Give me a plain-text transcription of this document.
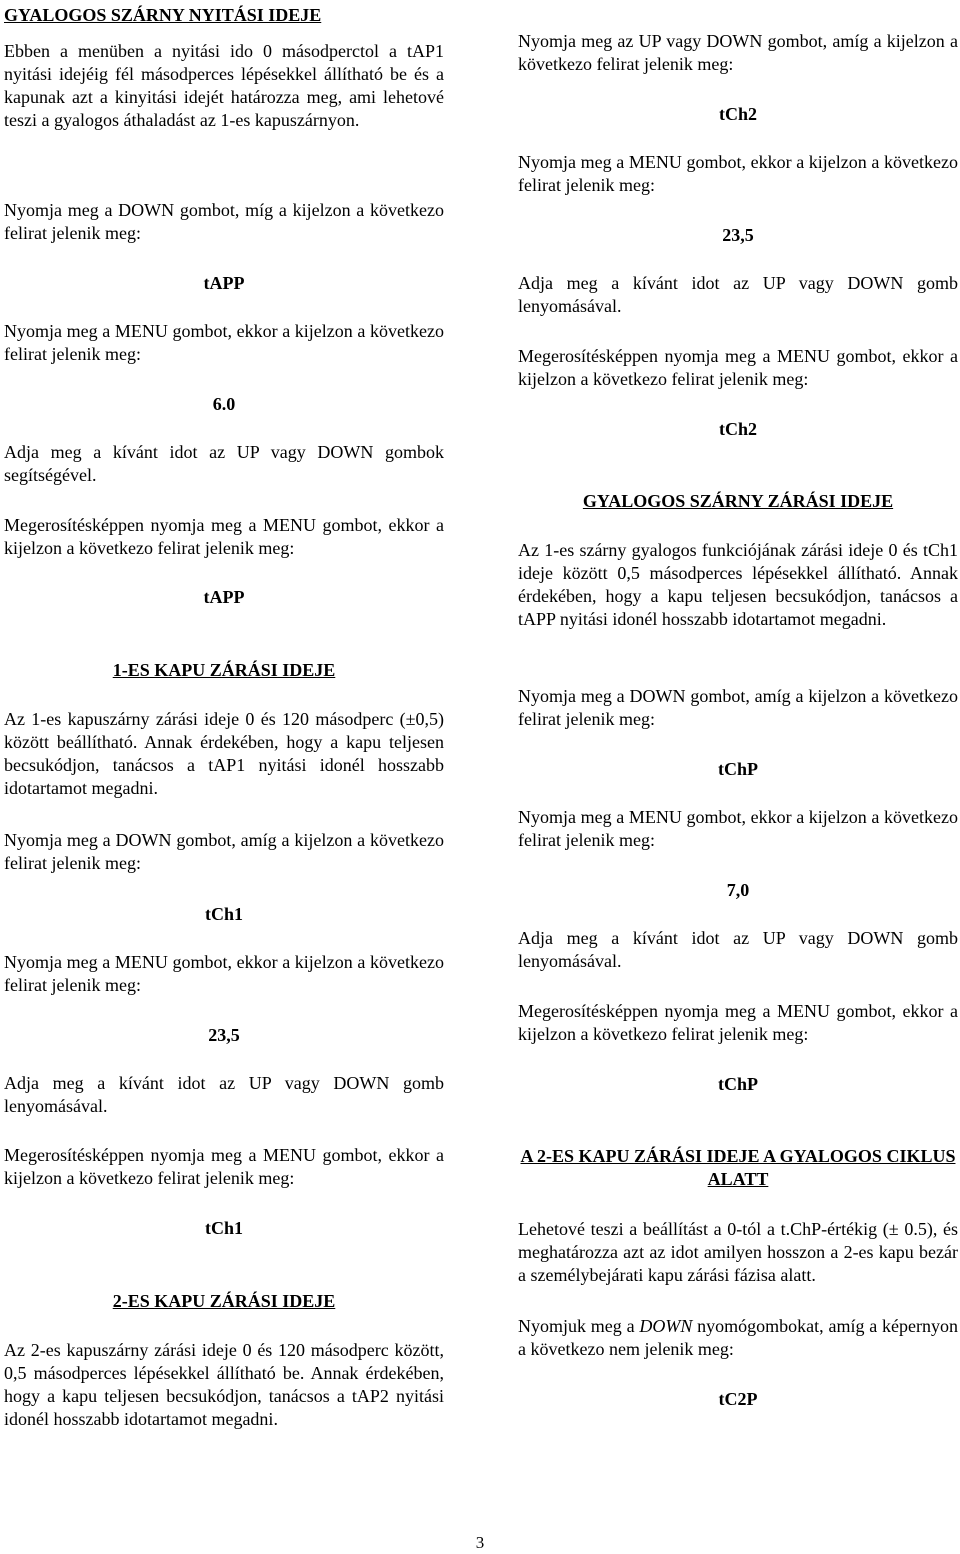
GYALOGOS SZÁRNY NYITÁSI IDEJE
Ebben a menüben a nyitási ido 0 másodperctol a tAP1 nyitási idejéig fél másodperces lépésekkel állítható be és a kapunak azt a kinyitási idejét határozza meg, ami lehetové teszi a gyalogos áthaladást az 1-es kapuszárnyon.
Nyomja meg a DOWN gombot, míg a kijelzon a következo felirat jelenik meg:
tAPP
Nyomja meg a MENU gombot, ekkor a kijelzon a következo felirat jelenik meg:
6.0
Adja meg a kívánt idot az UP vagy DOWN gombok segítségével.
Megerosítésképpen nyomja meg a MENU gombot, ekkor a kijelzon a következo felirat jelenik meg:
tAPP
1-ES KAPU ZÁRÁSI IDEJE
Az 1-es kapuszárny zárási ideje 0 és 120 másodperc (±0,5) között beállítható. Annak érdekében, hogy a kapu teljesen becsukódjon, tanácsos a tAP1 nyitási idonél hosszabb idotartamot megadni.
Nyomja meg a DOWN gombot, amíg a kijelzon a következo felirat jelenik meg:
tCh1
Nyomja meg a MENU gombot, ekkor a kijelzon a következo felirat jelenik meg:
23,5
Adja meg a kívánt idot az UP vagy DOWN gomb lenyomásával.
Megerosítésképpen nyomja meg a MENU gombot, ekkor a kijelzon a következo felirat jelenik meg:
tCh1
2-ES KAPU ZÁRÁSI IDEJE
Az 2-es kapuszárny zárási ideje 0 és 120 másodperc között, 0,5 másodperces lépésekkel állítható be. Annak érdekében, hogy a kapu teljesen becsukódjon, tanácsos a tAP2 nyitási idonél hosszabb idotartamot megadni.
Nyomja meg az UP vagy DOWN gombot, amíg a kijelzon a következo felirat jelenik meg:
tCh2
Nyomja meg a MENU gombot, ekkor a kijelzon a következo felirat jelenik meg:
23,5
Adja meg a kívánt idot az UP vagy DOWN gomb lenyomásával.
Megerosítésképpen nyomja meg a MENU gombot, ekkor a kijelzon a következo felirat jelenik meg:
tCh2
GYALOGOS SZÁRNY ZÁRÁSI IDEJE
Az 1-es szárny gyalogos funkciójának zárási ideje 0 és tCh1 ideje között 0,5 másodperces lépésekkel állítható. Annak érdekében, hogy a kapu teljesen becsukódjon, tanácsos a tAPP nyitási idonél hosszabb idotartamot megadni.
Nyomja meg a DOWN gombot, amíg a kijelzon a következo felirat jelenik meg:
tChP
Nyomja meg a MENU gombot, ekkor a kijelzon a következo felirat jelenik meg:
7,0
Adja meg a kívánt idot az UP vagy DOWN gomb lenyomásával.
Megerosítésképpen nyomja meg a MENU gombot, ekkor a kijelzon a következo felirat jelenik meg:
tChP
A 2-ES KAPU ZÁRÁSI IDEJE A GYALOGOS CIKLUS ALATT
Lehetové teszi a beállítást a 0-tól a t.ChP-értékig (± 0.5), és meghatározza azt az idot amilyen hosszon a 2-es kapu bezár a személybejárati kapu zárási fázisa alatt.
Nyomjuk meg a DOWN nyomógombokat, amíg a képernyon a következo nem jelenik meg:
tC2P
3
